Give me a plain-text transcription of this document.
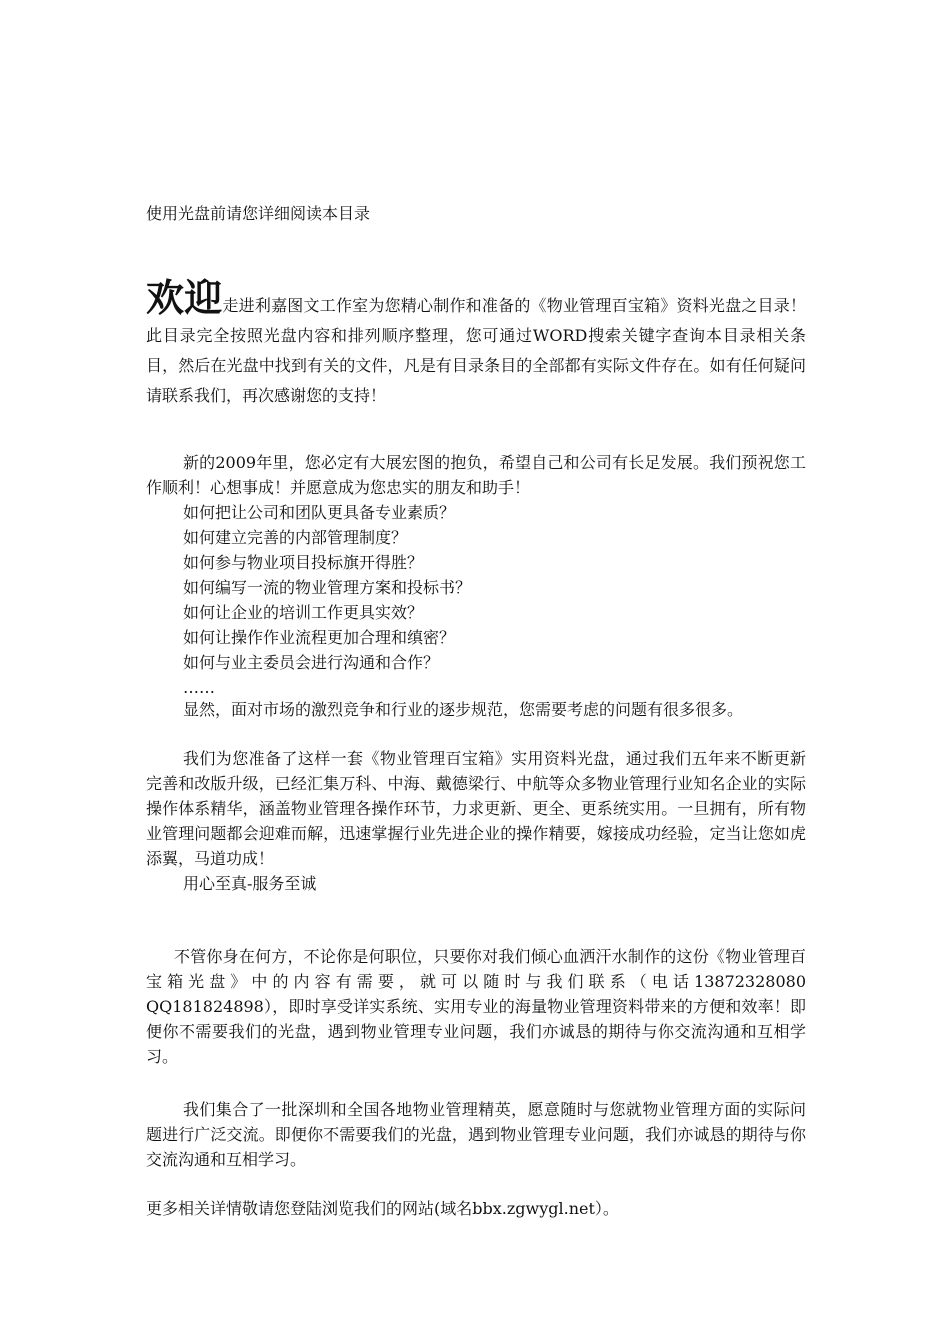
使用光盘前请您详细阅读本目录

欢迎走进利嘉图文工作室为您精心制作和准备的《物业管理百宝箱》资料光盘之目录！此目录完全按照光盘内容和排列顺序整理，您可通过WORD搜索关键字查询本目录相关条目，然后在光盘中找到有关的文件，凡是有目录条目的全部都有实际文件存在。如有任何疑问请联系我们，再次感谢您的支持！

新的2009年里，您必定有大展宏图的抱负，希望自己和公司有长足发展。我们预祝您工作顺利！心想事成！并愿意成为您忠实的朋友和助手！

如何把让公司和团队更具备专业素质？
如何建立完善的内部管理制度？
如何参与物业项目投标旗开得胜？
如何编写一流的物业管理方案和投标书？
如何让企业的培训工作更具实效？
如何让操作作业流程更加合理和缜密？
如何与业主委员会进行沟通和合作？
……

显然，面对市场的激烈竞争和行业的逐步规范，您需要考虑的问题有很多很多。

我们为您准备了这样一套《物业管理百宝箱》实用资料光盘，通过我们五年来不断更新完善和改版升级，已经汇集万科、中海、戴德梁行、中航等众多物业管理行业知名企业的实际操作体系精华，涵盖物业管理各操作环节，力求更新、更全、更系统实用。一旦拥有，所有物业管理问题都会迎难而解，迅速掌握行业先进企业的操作精要，嫁接成功经验，定当让您如虎添翼，马道功成！

用心至真-服务至诚

不管你身在何方，不论你是何职位，只要你对我们倾心血洒汗水制作的这份《物业管理百宝箱光盘》中的内容有需要，就可以随时与我们联系（电话13872328080 QQ181824898），即时享受详实系统、实用专业的海量物业管理资料带来的方便和效率！即便你不需要我们的光盘，遇到物业管理专业问题，我们亦诚恳的期待与你交流沟通和互相学习。

我们集合了一批深圳和全国各地物业管理精英，愿意随时与您就物业管理方面的实际问题进行广泛交流。即便你不需要我们的光盘，遇到物业管理专业问题，我们亦诚恳的期待与你交流沟通和互相学习。

更多相关详情敬请您登陆浏览我们的网站(域名bbx.zgwygl.net）。
